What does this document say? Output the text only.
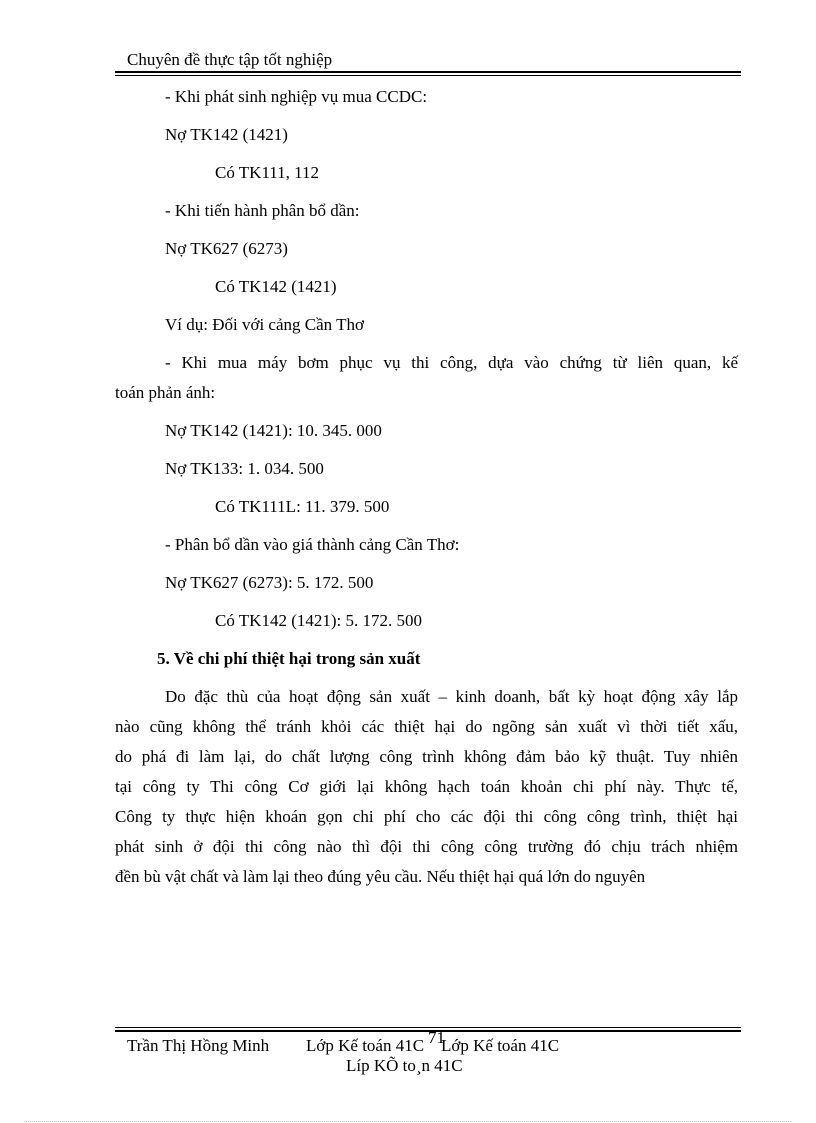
Chuyên đề thực tập tốt nghiệp
- Khi phát sinh nghiệp vụ mua CCDC:
Nợ TK142 (1421)
Có TK111, 112
- Khi tiến hành phân bổ dần:
Nợ TK627 (6273)
Có TK142 (1421)
Ví dụ: Đối với cảng Cần Thơ
- Khi mua máy bơm phục vụ thi công, dựa vào chứng từ liên quan, kế
toán phản ánh:
Nợ TK142 (1421): 10. 345. 000
Nợ TK133: 1. 034. 500
Có TK111L: 11. 379. 500
- Phân bổ dần vào giá thành cảng Cần Thơ:
Nợ TK627 (6273): 5. 172. 500
Có TK142 (1421): 5. 172. 500
5. Về chi phí thiệt hại trong sản xuất
Do đặc thù của hoạt động sản xuất – kinh doanh, bất kỳ hoạt động xây lắp
nào cũng không thể tránh khỏi các thiệt hại do ngõng sản xuất vì thời tiết xấu,
do phá đi làm lại, do chất lượng công trình không đảm bảo kỹ thuật. Tuy nhiên
tại công ty Thi công Cơ giới lại không hạch toán khoản chi phí này. Thực tế,
Công ty thực hiện khoán gọn chi phí cho các đội thi công công trình, thiệt hại
phát sinh ở đội thi công nào thì đội thi công công trường đó chịu trách nhiệm
đền bù vật chất và làm lại theo đúng yêu cầu. Nếu thiệt hại quá lớn do nguyên
Trần Thị Hồng Minh Lớp Kế toán 41C 71
Lớp Kế toán 41C
Líp KÕ to¸n 41C
